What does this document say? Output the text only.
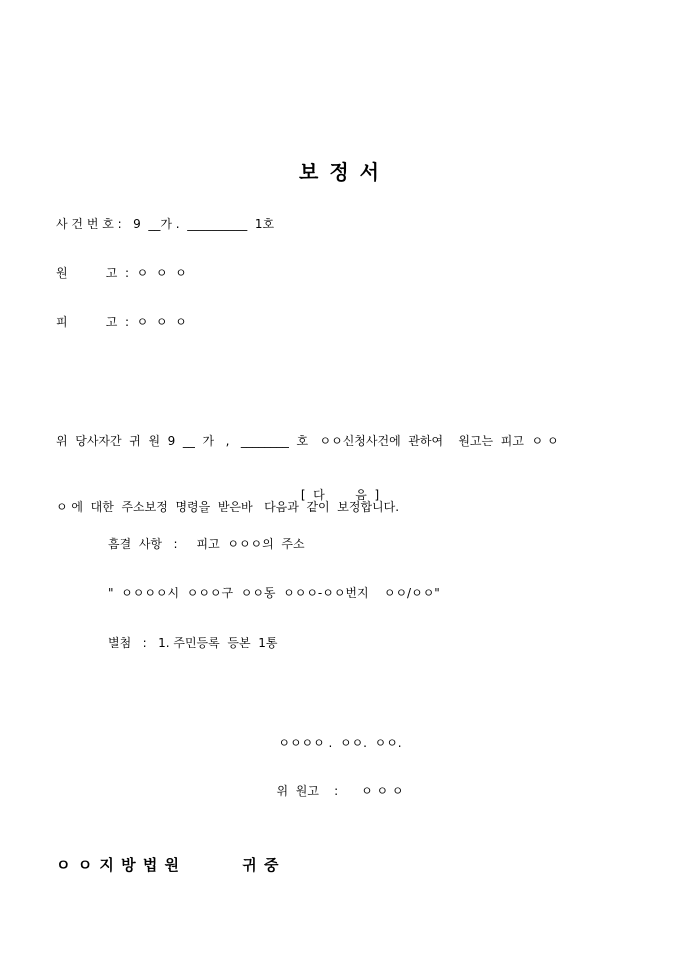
보 정 서
사 건 번 호 :   9  __가 .  __________  1호
원          고  :  ㅇ  ㅇ  ㅇ
피          고  :  ㅇ  ㅇ  ㅇ

위  당사자간  귀  원  9  __  가   ,   ________  호   ㅇㅇ신청사건에  관하여    원고는  피고  ㅇ ㅇ

ㅇ 에  대한  주소보정  명령을  받은바   다음과  같이  보정합니다.

[  다        음  ]
흠결  사항   :     피고  ㅇㅇㅇ의  주소
"  ㅇㅇㅇㅇ시  ㅇㅇㅇ구  ㅇㅇ동  ㅇㅇㅇ-ㅇㅇ번지    ㅇㅇ/ㅇㅇ"
별첨   :   1. 주민등록  등본  1통
ㅇㅇㅇㅇ .  ㅇㅇ.  ㅇㅇ.
위  원고    :      ㅇ ㅇ ㅇ
ㅇ ㅇ 지 방 법 원          귀 중
